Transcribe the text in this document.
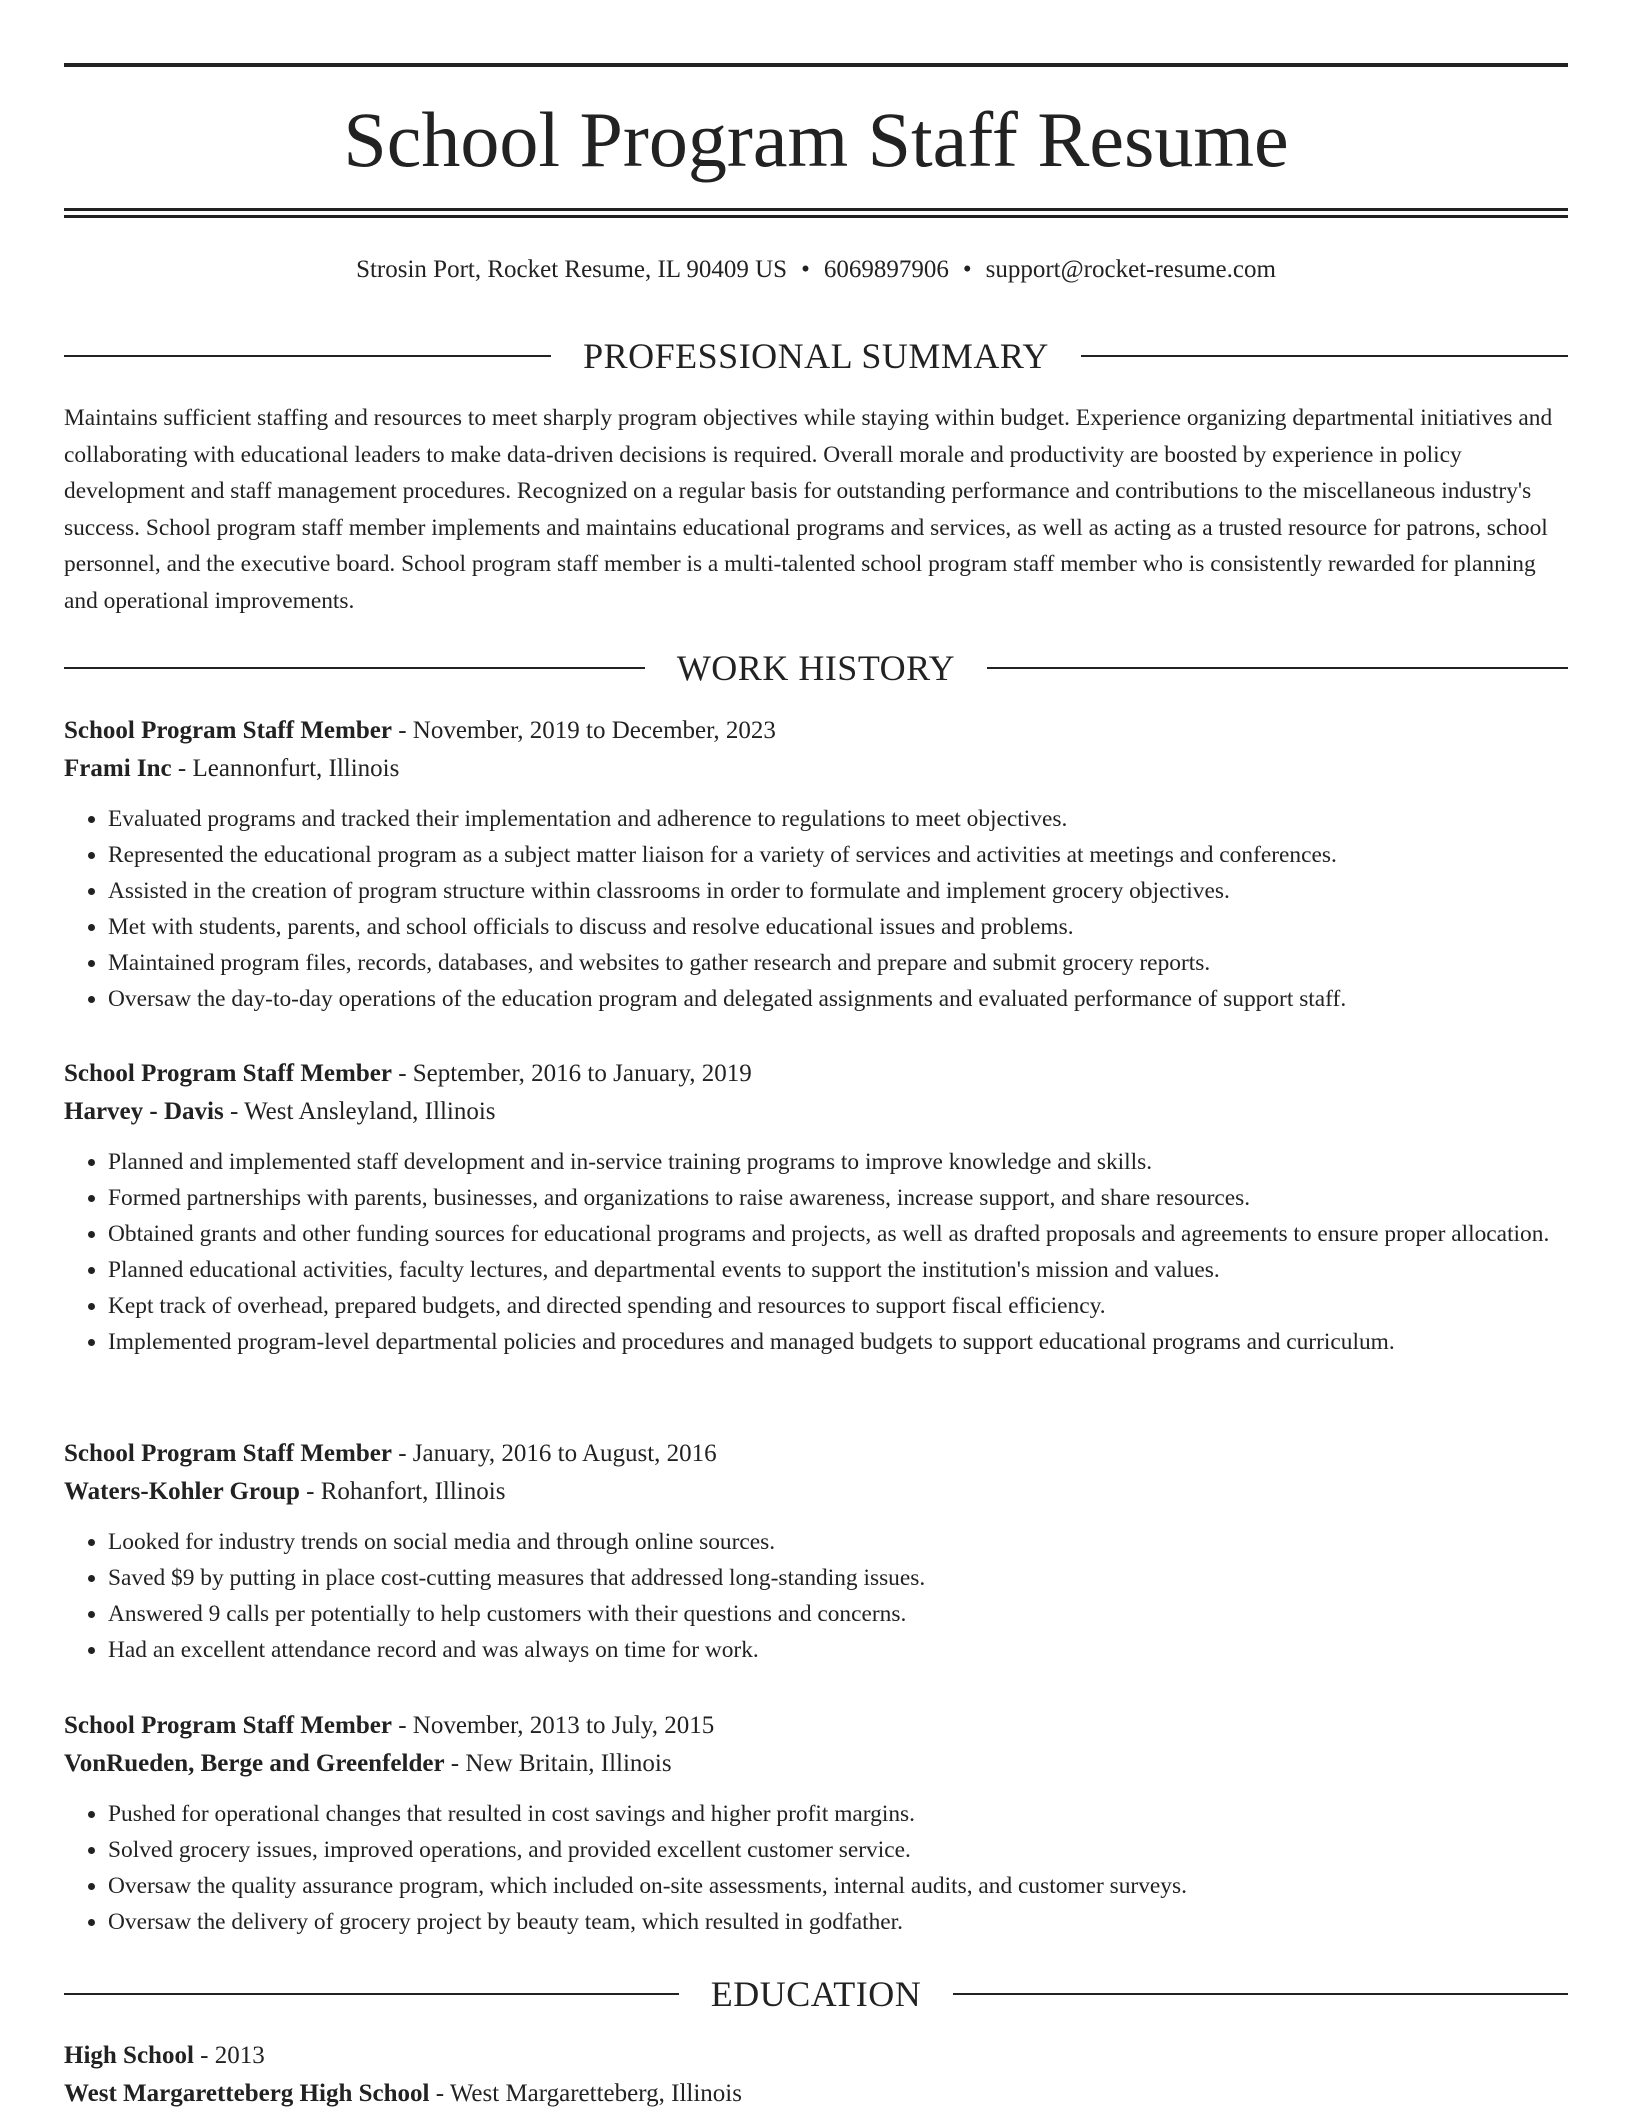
School Program Staff Resume
Strosin Port, Rocket Resume, IL 90409 US • 6069897906 • support@rocket-resume.com
PROFESSIONAL SUMMARY

Maintains sufficient staffing and resources to meet sharply program objectives while staying within budget. Experience organizing departmental initiatives and collaborating with educational leaders to make data-driven decisions is required. Overall morale and productivity are boosted by experience in policy development and staff management procedures. Recognized on a regular basis for outstanding performance and contributions to the miscellaneous industry's success. School program staff member implements and maintains educational programs and services, as well as acting as a trusted resource for patrons, school personnel, and the executive board. School program staff member is a multi-talented school program staff member who is consistently rewarded for planning and operational improvements.

WORK HISTORY
School Program Staff Member - November, 2019 to December, 2023
Frami Inc - Leannonfurt, Illinois
• Evaluated programs and tracked their implementation and adherence to regulations to meet objectives.
• Represented the educational program as a subject matter liaison for a variety of services and activities at meetings and conferences.
• Assisted in the creation of program structure within classrooms in order to formulate and implement grocery objectives.
• Met with students, parents, and school officials to discuss and resolve educational issues and problems.
• Maintained program files, records, databases, and websites to gather research and prepare and submit grocery reports.
• Oversaw the day-to-day operations of the education program and delegated assignments and evaluated performance of support staff.
School Program Staff Member - September, 2016 to January, 2019
Harvey - Davis - West Ansleyland, Illinois
• Planned and implemented staff development and in-service training programs to improve knowledge and skills.
• Formed partnerships with parents, businesses, and organizations to raise awareness, increase support, and share resources.
• Obtained grants and other funding sources for educational programs and projects, as well as drafted proposals and agreements to ensure proper allocation.
• Planned educational activities, faculty lectures, and departmental events to support the institution's mission and values.
• Kept track of overhead, prepared budgets, and directed spending and resources to support fiscal efficiency.
• Implemented program-level departmental policies and procedures and managed budgets to support educational programs and curriculum.
School Program Staff Member - January, 2016 to August, 2016
Waters-Kohler Group - Rohanfort, Illinois
• Looked for industry trends on social media and through online sources.
• Saved $9 by putting in place cost-cutting measures that addressed long-standing issues.
• Answered 9 calls per potentially to help customers with their questions and concerns.
• Had an excellent attendance record and was always on time for work.
School Program Staff Member - November, 2013 to July, 2015
VonRueden, Berge and Greenfelder - New Britain, Illinois
• Pushed for operational changes that resulted in cost savings and higher profit margins.
• Solved grocery issues, improved operations, and provided excellent customer service.
• Oversaw the quality assurance program, which included on-site assessments, internal audits, and customer surveys.
• Oversaw the delivery of grocery project by beauty team, which resulted in godfather.
EDUCATION
High School - 2013
West Margaretteberg High School - West Margaretteberg, Illinois
